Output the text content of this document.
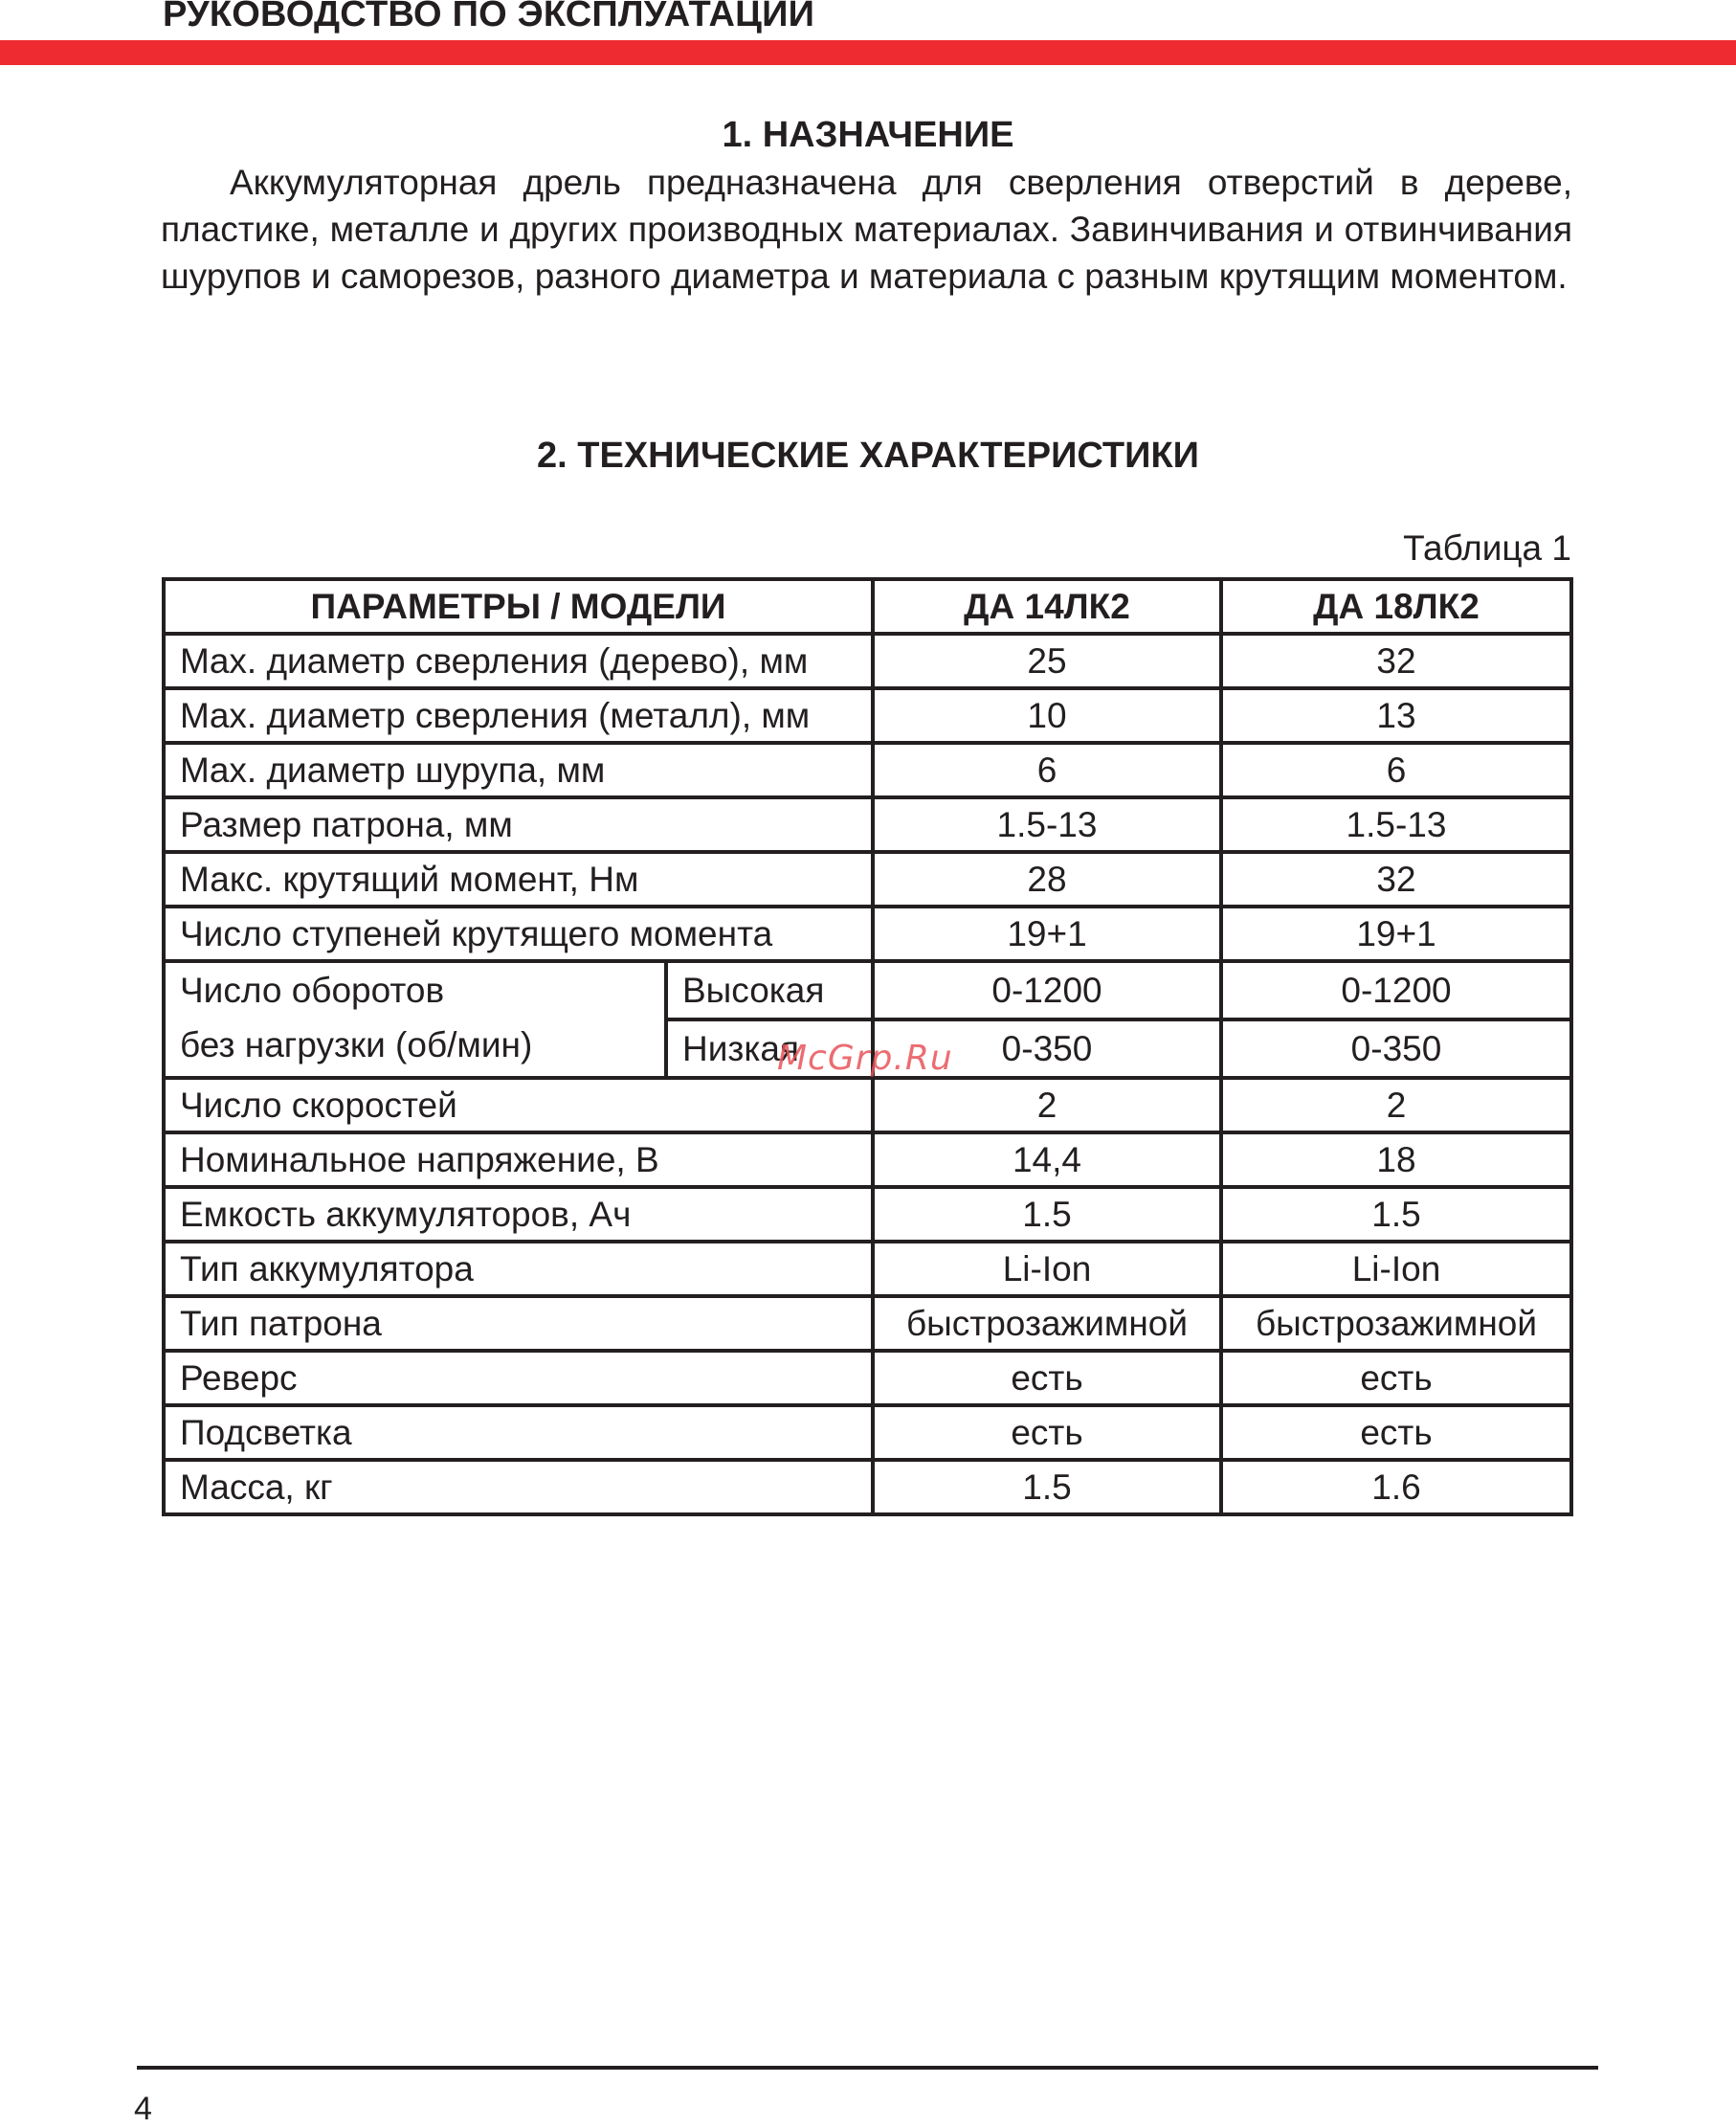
РУКОВОДСТВО ПО ЭКСПЛУАТАЦИИ
1. НАЗНАЧЕНИЕ

Аккумуляторная дрель предназначена для сверления отверстий в дереве, пластике, металле и других производных материалах. Завинчивания и отвинчивания шурупов и саморезов, разного диаметра и материала с разным крутящим моментом.

2. ТЕХНИЧЕСКИЕ ХАРАКТЕРИСТИКИ
Таблица 1
ПАРАМЕТРЫ / МОДЕЛИ		ДА 14ЛК2	ДА 18ЛК2
Max. диаметр сверления (дерево), мм		25	32
Max. диаметр сверления (металл), мм		10	13
Max. диаметр шурупа, мм		6	6
Размер патрона, мм		1.5-13	1.5-13
Макс. крутящий момент, Нм		28	32
Число ступеней крутящего момента		19+1	19+1

Число оборотов
без нагрузки (об/мин)	Высокая	0-1200	0-1200
	Низкая	0-350	0-350
Число скоростей		2	2
Номинальное напряжение, В		14,4	18
Емкость аккумуляторов, Ач		1.5	1.5
Тип аккумулятора		Li-Ion	Li-Ion
Тип патрона		быстрозажимной	быстрозажимной
Реверс		есть	есть
Подсветка		есть	есть
Масса, кг		1.5	1.6
McGrp.Ru
4
